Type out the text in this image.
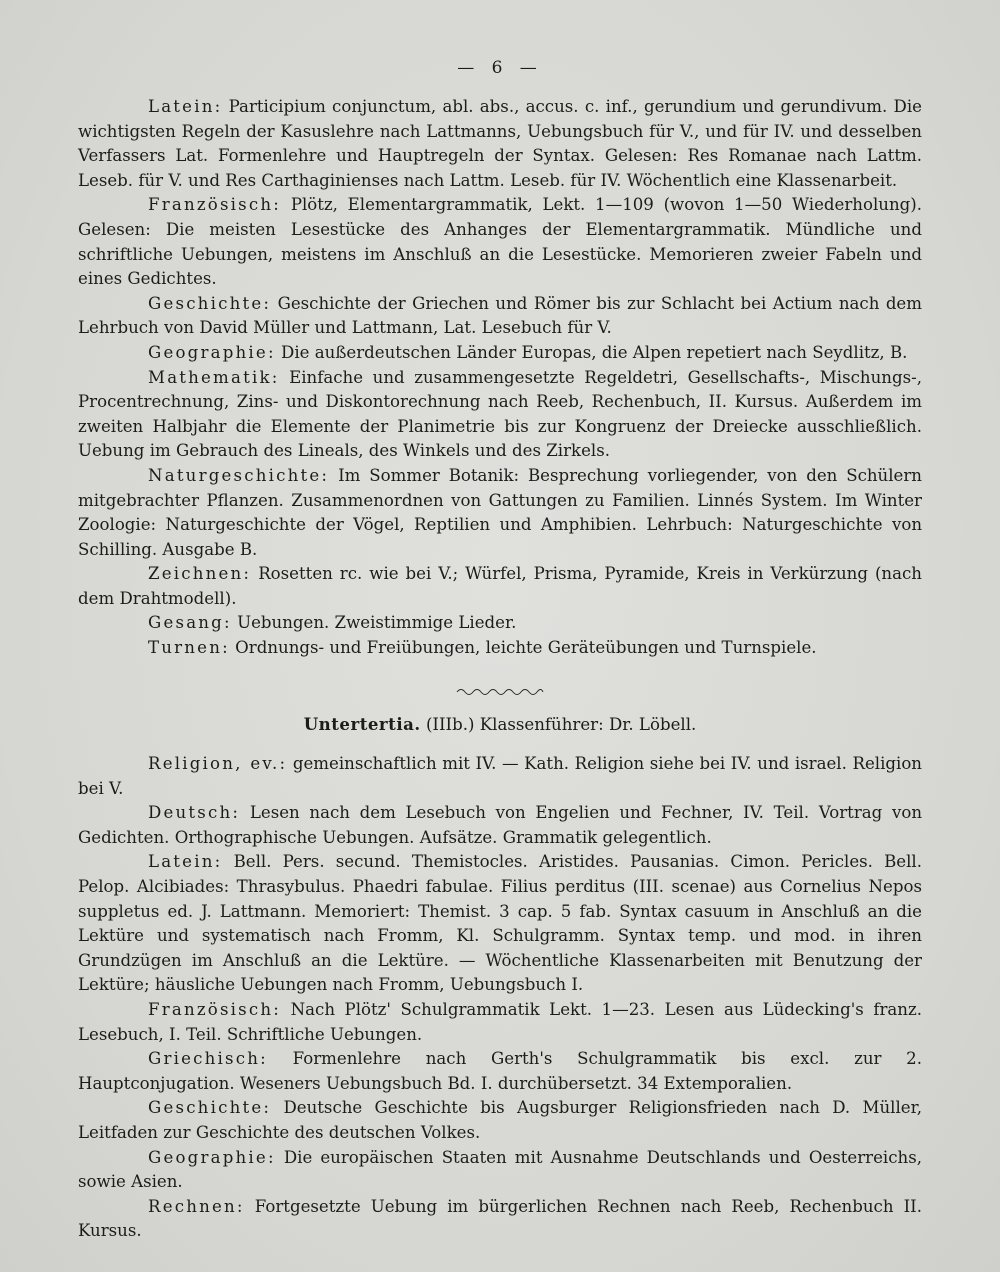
— 6 —

Latein: Participium conjunctum, abl. abs., accus. c. inf., gerundium und gerundivum. Die wichtigsten Regeln der Kasuslehre nach Lattmanns, Uebungsbuch für V., und für IV. und desselben Verfassers Lat. Formenlehre und Hauptregeln der Syntax. Gelesen: Res Romanae nach Lattm. Leseb. für V. und Res Carthaginienses nach Lattm. Leseb. für IV. Wöchentlich eine Klassenarbeit.

Französisch: Plötz, Elementargrammatik, Lekt. 1—109 (wovon 1—50 Wiederholung). Gelesen: Die meisten Lesestücke des Anhanges der Elementargrammatik. Mündliche und schriftliche Uebungen, meistens im Anschluß an die Lesestücke. Memorieren zweier Fabeln und eines Gedichtes.

Geschichte: Geschichte der Griechen und Römer bis zur Schlacht bei Actium nach dem Lehrbuch von David Müller und Lattmann, Lat. Lesebuch für V.

Geographie: Die außerdeutschen Länder Europas, die Alpen repetiert nach Seydlitz, B.

Mathematik: Einfache und zusammengesetzte Regeldetri, Gesellschafts-, Mischungs-, Procentrechnung, Zins- und Diskontorechnung nach Reeb, Rechenbuch, II. Kursus. Außerdem im zweiten Halbjahr die Elemente der Planimetrie bis zur Kongruenz der Dreiecke ausschließlich. Uebung im Gebrauch des Lineals, des Winkels und des Zirkels.

Naturgeschichte: Im Sommer Botanik: Besprechung vorliegender, von den Schülern mitgebrachter Pflanzen. Zusammenordnen von Gattungen zu Familien. Linnés System. Im Winter Zoologie: Naturgeschichte der Vögel, Reptilien und Amphibien. Lehrbuch: Naturgeschichte von Schilling. Ausgabe B.

Zeichnen: Rosetten rc. wie bei V.; Würfel, Prisma, Pyramide, Kreis in Verkürzung (nach dem Drahtmodell).

Gesang: Uebungen. Zweistimmige Lieder.

Turnen: Ordnungs- und Freiübungen, leichte Geräteübungen und Turnspiele.

Untertertia. (IIIb.) Klassenführer: Dr. Löbell.

Religion, ev.: gemeinschaftlich mit IV. — Kath. Religion siehe bei IV. und israel. Religion bei V.

Deutsch: Lesen nach dem Lesebuch von Engelien und Fechner, IV. Teil. Vortrag von Gedichten. Orthographische Uebungen. Aufsätze. Grammatik gelegentlich.

Latein: Bell. Pers. secund. Themistocles. Aristides. Pausanias. Cimon. Pericles. Bell. Pelop. Alcibiades: Thrasybulus. Phaedri fabulae. Filius perditus (III. scenae) aus Cornelius Nepos suppletus ed. J. Lattmann. Memoriert: Themist. 3 cap. 5 fab. Syntax casuum in Anschluß an die Lektüre und systematisch nach Fromm, Kl. Schulgramm. Syntax temp. und mod. in ihren Grundzügen im Anschluß an die Lektüre. — Wöchentliche Klassenarbeiten mit Benutzung der Lektüre; häusliche Uebungen nach Fromm, Uebungsbuch I.

Französisch: Nach Plötz' Schulgrammatik Lekt. 1—23. Lesen aus Lüdecking's franz. Lesebuch, I. Teil. Schriftliche Uebungen.

Griechisch: Formenlehre nach Gerth's Schulgrammatik bis excl. zur 2. Hauptconjugation. Weseners Uebungsbuch Bd. I. durchübersetzt. 34 Extemporalien.

Geschichte: Deutsche Geschichte bis Augsburger Religionsfrieden nach D. Müller, Leitfaden zur Geschichte des deutschen Volkes.

Geographie: Die europäischen Staaten mit Ausnahme Deutschlands und Oesterreichs, sowie Asien.

Rechnen: Fortgesetzte Uebung im bürgerlichen Rechnen nach Reeb, Rechenbuch II. Kursus.
